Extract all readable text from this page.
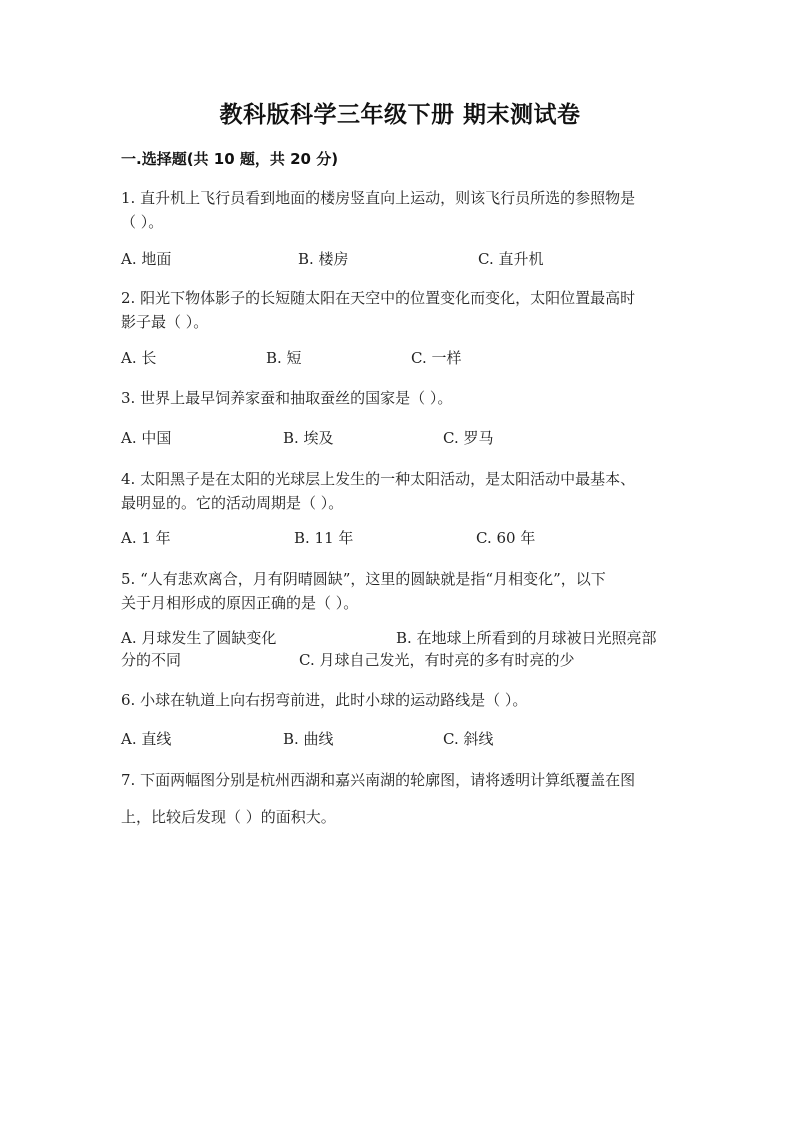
教科版科学三年级下册 期末测试卷
一.选择题(共 10 题，共 20 分)
1. 直升机上飞行员看到地面的楼房竖直向上运动，则该飞行员所选的参照物是
（ ）。
A. 地面	B. 楼房	C. 直升机
2. 阳光下物体影子的长短随太阳在天空中的位置变化而变化，太阳位置最高时
影子最（ ）。
A. 长	B. 短	C. 一样
3. 世界上最早饲养家蚕和抽取蚕丝的国家是（ ）。
A. 中国	B. 埃及	C. 罗马
4. 太阳黑子是在太阳的光球层上发生的一种太阳活动，是太阳活动中最基本、
最明显的。它的活动周期是（ ）。
A. 1 年	B. 11 年	C. 60 年
5. “人有悲欢离合，月有阴晴圆缺”，这里的圆缺就是指“月相变化”，以下
关于月相形成的原因正确的是（ ）。
A. 月球发生了圆缺变化	B. 在地球上所看到的月球被日光照亮部
分的不同	C. 月球自己发光，有时亮的多有时亮的少
6. 小球在轨道上向右拐弯前进，此时小球的运动路线是（ ）。
A. 直线	B. 曲线	C. 斜线
7. 下面两幅图分别是杭州西湖和嘉兴南湖的轮廓图，请将透明计算纸覆盖在图
上，比较后发现（ ）的面积大。
